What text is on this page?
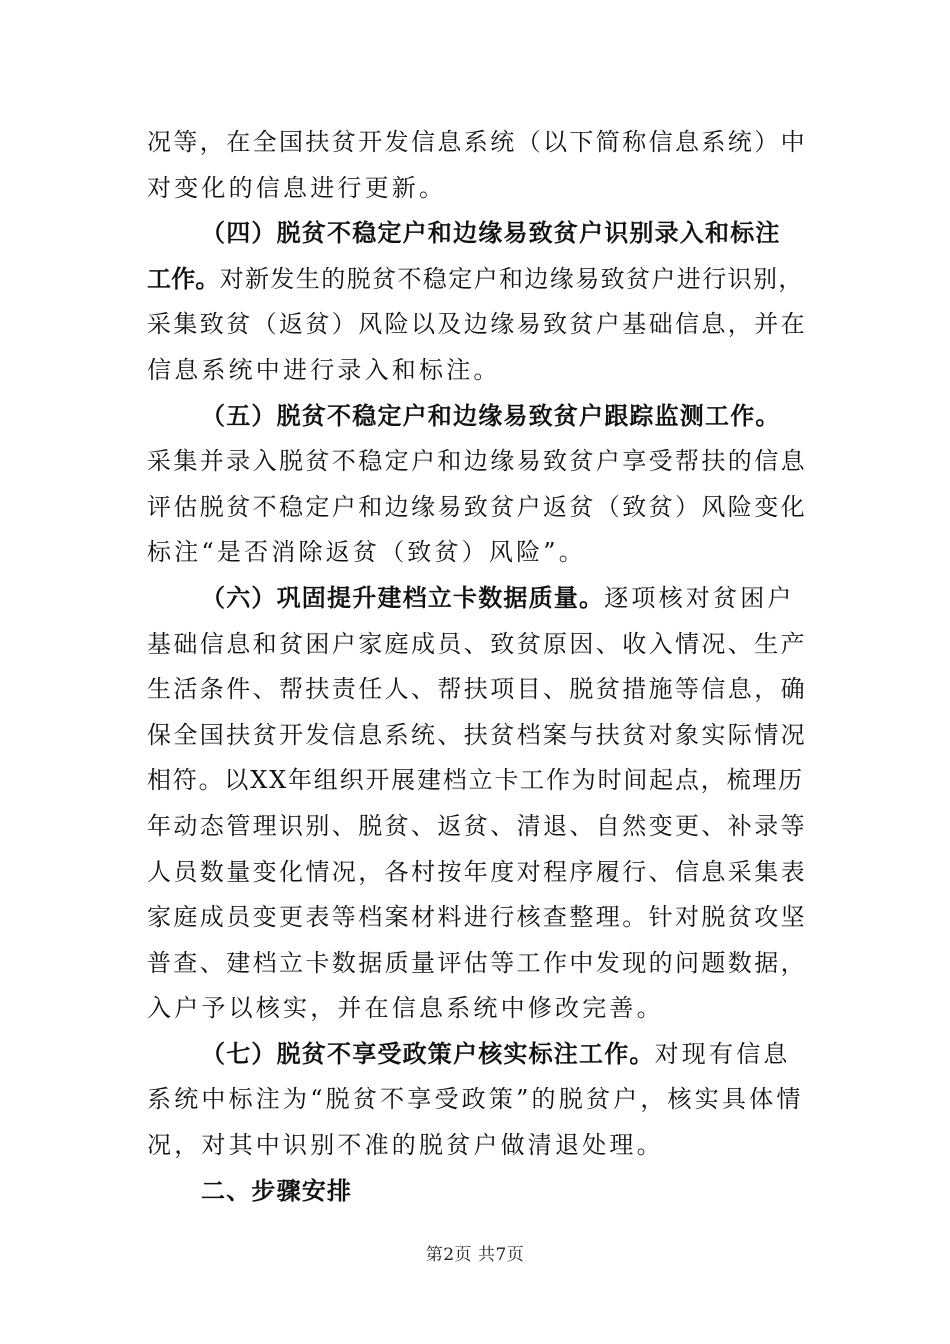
况等，在全国扶贫开发信息系统（以下简称信息系统）中
对变化的信息进行更新。
（四）脱贫不稳定户和边缘易致贫户识别录入和标注
工作。对新发生的脱贫不稳定户和边缘易致贫户进行识别，
采集致贫（返贫）风险以及边缘易致贫户基础信息，并在
信息系统中进行录入和标注。
（五）脱贫不稳定户和边缘易致贫户跟踪监测工作。
采集并录入脱贫不稳定户和边缘易致贫户享受帮扶的信息
评估脱贫不稳定户和边缘易致贫户返贫（致贫）风险变化
标注“是否消除返贫（致贫）风险”。
（六）巩固提升建档立卡数据质量。逐项核对贫困户
基础信息和贫困户家庭成员、致贫原因、收入情况、生产
生活条件、帮扶责任人、帮扶项目、脱贫措施等信息，确
保全国扶贫开发信息系统、扶贫档案与扶贫对象实际情况
相符。以XX年组织开展建档立卡工作为时间起点，梳理历
年动态管理识别、脱贫、返贫、清退、自然变更、补录等
人员数量变化情况，各村按年度对程序履行、信息采集表
家庭成员变更表等档案材料进行核查整理。针对脱贫攻坚
普查、建档立卡数据质量评估等工作中发现的问题数据，
入户予以核实，并在信息系统中修改完善。
（七）脱贫不享受政策户核实标注工作。对现有信息
系统中标注为“脱贫不享受政策”的脱贫户，核实具体情
况，对其中识别不准的脱贫户做清退处理。
二、步骤安排
第2页 共7页
